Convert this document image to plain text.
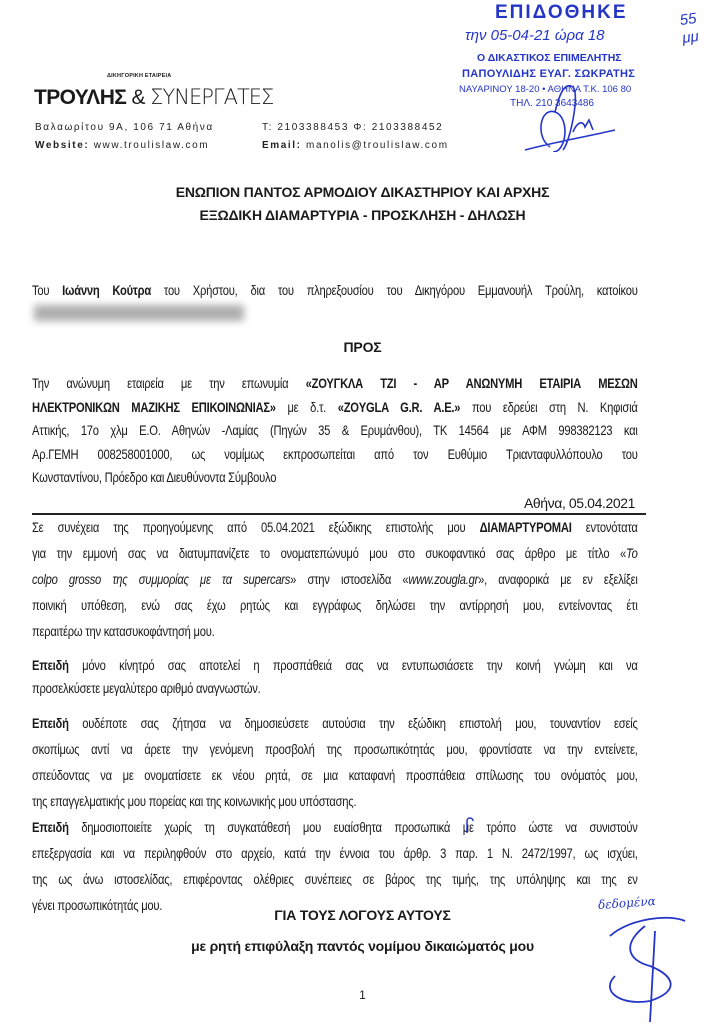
ΔΙΚΗΓΟΡΙΚΗ ΕΤΑΙΡΕΙΑ
ΤΡΟΥΛΗΣ & ΣΥΝΕΡΓΑΤΕΣ
Βαλαωρίτου 9Α, 106 71 Αθήνα	Τ: 2103388453 Φ: 2103388452
Website: www.troulislaw.com	Email: manolis@troulislaw.com
ΕΠΙΔΟΘΗΚΕ
την 05-04-21 ώρα 18
55 μμ
Ο ΔΙΚΑΣΤΙΚΟΣ ΕΠΙΜΕΛΗΤΗΣ
ΠΑΠΟΥΛΙΔΗΣ ΕΥΑΓ. ΣΩΚΡΑΤΗΣ
ΝΑΥΑΡΙΝΟΥ 18-20 • ΑΘΗΝΑ Τ.Κ. 106 80
ΤΗΛ. 210 3643486
ΕΝΩΠΙΟΝ ΠΑΝΤΟΣ ΑΡΜΟΔΙΟΥ ΔΙΚΑΣΤΗΡΙΟΥ ΚΑΙ ΑΡΧΗΣ
ΕΞΩΔΙΚΗ ΔΙΑΜΑΡΤΥΡΙΑ - ΠΡΟΣΚΛΗΣΗ - ΔΗΛΩΣΗ
Του Ιωάννη Κούτρα του Χρήστου, δια του πληρεξουσίου του Δικηγόρου Εμμανουήλ Τρούλη, κατοίκου
Την ανώνυμη εταιρεία με την επωνυμία «ΖΟΥΓΚΛΑ ΤΖΙ - ΑΡ ΑΝΩΝΥΜΗ ΕΤΑΙΡΙΑ ΜΕΣΩΝ
ΗΛΕΚΤΡΟΝΙΚΩΝ ΜΑΖΙΚΗΣ ΕΠΙΚΟΙΝΩΝΙΑΣ» με δ.τ. «ZOYGLA G.R. A.E.» που εδρεύει στη Ν. Κηφισιά
Αττικής, 17ο χλμ Ε.Ο. Αθηνών -Λαμίας (Πηγών 35 & Ερυμάνθου), ΤΚ 14564 με ΑΦΜ 998382123 και
Αρ.ΓΕΜΗ 008258001000, ως νομίμως εκπροσωπείται από τον Ευθύμιο Τριανταφυλλόπουλο του
Κωνσταντίνου, Πρόεδρο και Διευθύνοντα Σύμβουλο
Σε συνέχεια της προηγούμενης από 05.04.2021 εξώδικης επιστολής μου ΔΙΑΜΑΡΤΥΡΟΜΑΙ εντονότατα
για την εμμονή σας να διατυμπανίζετε το ονοματεπώνυμό μου στο συκοφαντικό σας άρθρο με τίτλο «Το
colpo grosso της συμμορίας με τα supercars» στην ιστοσελίδα «www.zougla.gr», αναφορικά με εν εξελίξει
ποινική υπόθεση, ενώ σας έχω ρητώς και εγγράφως δηλώσει την αντίρρησή μου, εντείνοντας έτι
περαιτέρω την κατασυκοφάντησή μου.
Επειδή μόνο κίνητρό σας αποτελεί η προσπάθειά σας να εντυπωσιάσετε την κοινή γνώμη και να
προσελκύσετε μεγαλύτερο αριθμό αναγνωστών.
Επειδή ουδέποτε σας ζήτησα να δημοσιεύσετε αυτούσια την εξώδικη επιστολή μου, τουναντίον εσείς
σκοπίμως αντί να άρετε την γενόμενη προσβολή της προσωπικότητάς μου, φροντίσατε να την εντείνετε,
σπεύδοντας να με ονοματίσετε εκ νέου ρητά, σε μια καταφανή προσπάθεια σπίλωσης του ονόματός μου,
της επαγγελματικής μου πορείας και της κοινωνικής μου υπόστασης.
Επειδή δημοσιοποιείτε χωρίς τη συγκατάθεσή μου ευαίσθητα προσωπικά με τρόπο ώστε να συνιστούν
επεξεργασία και να περιληφθούν στο αρχείο, κατά την έννοια του άρθρ. 3 παρ. 1 Ν. 2472/1997, ως ισχύει,
της ως άνω ιστοσελίδας, επιφέροντας ολέθριες συνέπειες σε βάρος της τιμής, της υπόληψης και της εν
γένει προσωπικότητάς μου.
ΠΡΟΣ
Αθήνα, 05.04.2021
ΓΙΑ ΤΟΥΣ ΛΟΓΟΥΣ ΑΥΤΟΥΣ
με ρητή επιφύλαξη παντός νομίμου δικαιώματός μου
δεδομένα
1
